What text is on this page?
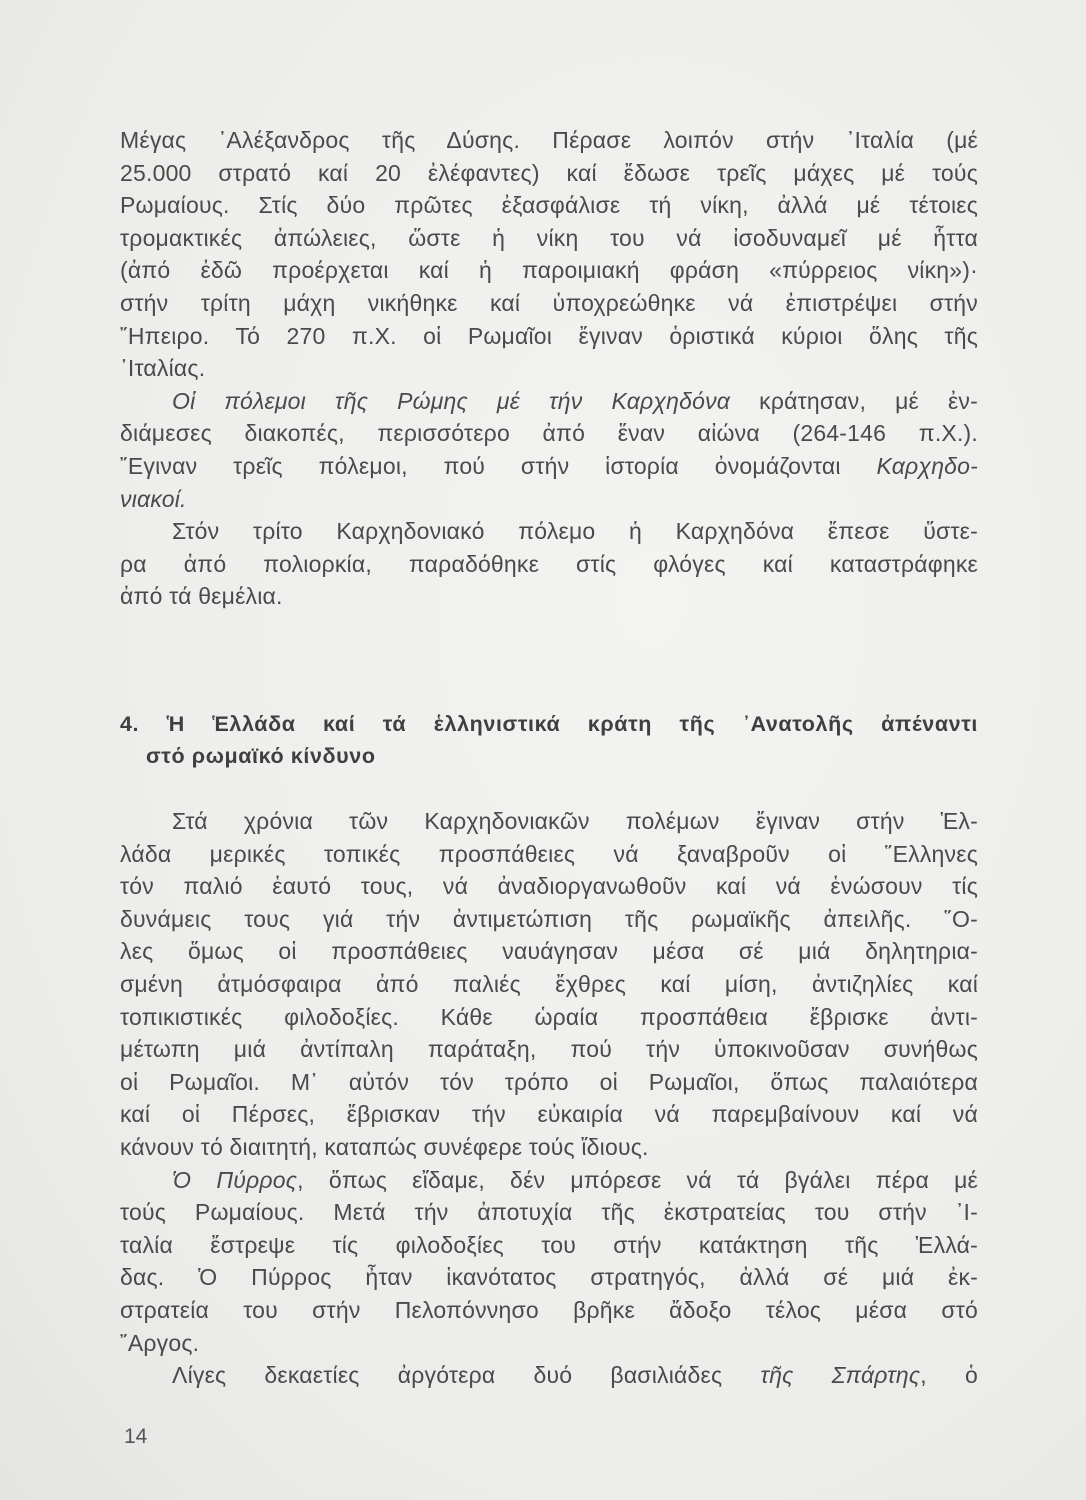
Μέγας ᾿Αλέξανδρος τῆς Δύσης. Πέρασε λοιπόν στήν ᾿Ιταλία (μέ
25.000 στρατό καί 20 ἐλέφαντες) καί ἔδωσε τρεῖς μάχες μέ τούς
Ρωμαίους. Στίς δύο πρῶτες ἐξασφάλισε τή νίκη, ἀλλά μέ τέτοιες
τρομακτικές ἀπώλειες, ὥστε ἡ νίκη του νά ἰσοδυναμεῖ μέ ἧττα
(ἀπό ἐδῶ προέρχεται καί ἡ παροιμιακή φράση «πύρρειος νίκη»)·
στήν τρίτη μάχη νικήθηκε καί ὑποχρεώθηκε νά ἐπιστρέψει στήν
῎Ηπειρο. Τό 270 π.Χ. οἱ Ρωμαῖοι ἔγιναν ὁριστικά κύριοι ὅλης τῆς
᾿Ιταλίας.
Οἱ πόλεμοι τῆς Ρώμης μέ τήν Καρχηδόνα κράτησαν, μέ ἐν-
διάμεσες διακοπές, περισσότερο ἀπό ἕναν αἰώνα (264-146 π.Χ.).
῎Εγιναν τρεῖς πόλεμοι, πού στήν ἱστορία ὀνομάζονται Καρχηδο-
νιακοί.
Στόν τρίτο Καρχηδονιακό πόλεμο ἡ Καρχηδόνα ἔπεσε ὕστε-
ρα ἀπό πολιορκία, παραδόθηκε στίς φλόγες καί καταστράφηκε
ἀπό τά θεμέλια.
4. Ἡ Ἑλλάδα καί τά ἑλληνιστικά κράτη τῆς ᾿Ανατολῆς ἀπέναντι
στό ρωμαϊκό κίνδυνο
Στά χρόνια τῶν Καρχηδονιακῶν πολέμων ἔγιναν στήν Ἑλ-
λάδα μερικές τοπικές προσπάθειες νά ξαναβροῦν οἱ ῞Ελληνες
τόν παλιό ἑαυτό τους, νά ἀναδιοργανωθοῦν καί νά ἑνώσουν τίς
δυνάμεις τους γιά τήν ἀντιμετώπιση τῆς ρωμαϊκῆς ἀπειλῆς. ῞Ο-
λες ὅμως οἱ προσπάθειες ναυάγησαν μέσα σέ μιά δηλητηρια-
σμένη ἀτμόσφαιρα ἀπό παλιές ἔχθρες καί μίση, ἀντιζηλίες καί
τοπικιστικές φιλοδοξίες. Κάθε ὡραία προσπάθεια ἔβρισκε ἀντι-
μέτωπη μιά ἀντίπαλη παράταξη, πού τήν ὑποκινοῦσαν συνήθως
οἱ Ρωμαῖοι. Μ᾿ αὐτόν τόν τρόπο οἱ Ρωμαῖοι, ὅπως παλαιότερα
καί οἱ Πέρσες, ἔβρισκαν τήν εὐκαιρία νά παρεμβαίνουν καί νά
κάνουν τό διαιτητή, καταπώς συνέφερε τούς ἴδιους.
Ὁ Πύρρος, ὅπως εἴδαμε, δέν μπόρεσε νά τά βγάλει πέρα μέ
τούς Ρωμαίους. Μετά τήν ἀποτυχία τῆς ἐκστρατείας του στήν ᾿Ι-
ταλία ἔστρεψε τίς φιλοδοξίες του στήν κατάκτηση τῆς Ἑλλά-
δας. Ὁ Πύρρος ἦταν ἱκανότατος στρατηγός, ἀλλά σέ μιά ἐκ-
στρατεία του στήν Πελοπόννησο βρῆκε ἄδοξο τέλος μέσα στό
῎Αργος.
Λίγες δεκαετίες ἀργότερα δυό βασιλιάδες τῆς Σπάρτης, ὁ
14
